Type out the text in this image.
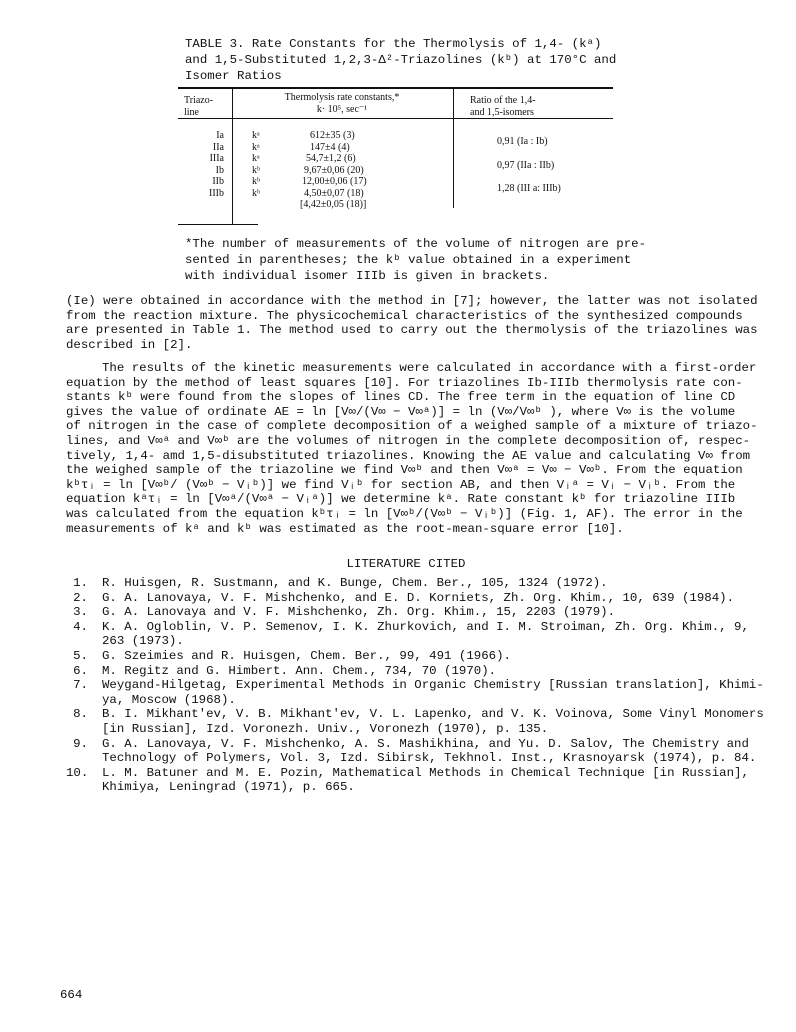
TABLE 3. Rate Constants for the Thermolysis of 1,4- (kᵃ)
and 1,5-Substituted 1,2,3-Δ²-Triazolines (kᵇ) at 170°C and
Isomer Ratios
Triazo-
line
Thermolysis rate constants,*
k· 10⁵, sec⁻¹
Ratio of the 1,4-
and 1,5-isomers
Ia
IIa
IIIa
Ib
IIb
IIIb
kᵃ
kᵃ
kᵃ
kᵇ
kᵇ
kᵇ
612±35 (3)
147±4 (4)
54,7±1,2 (6)
9,67±0,06 (20)
12,00±0,06 (17)
4,50±0,07 (18)
[4,42±0,05 (18)]
0,91 (Ia : Ib)
0,97 (IIa : IIb)
1,28 (III a: IIIb)
*The number of measurements of the volume of nitrogen are pre-
sented in parentheses; the kᵇ value obtained in a experiment
with individual isomer IIIb is given in brackets.
(Ie) were obtained in accordance with the method in [7]; however, the latter was not isolated
from the reaction mixture. The physicochemical characteristics of the synthesized compounds
are presented in Table 1. The method used to carry out the thermolysis of the triazolines was
described in [2].
The results of the kinetic measurements were calculated in accordance with a first-order
equation by the method of least squares [10]. For triazolines Ib-IIIb thermolysis rate con-
stants kᵇ were found from the slopes of lines CD. The free term in the equation of line CD
gives the value of ordinate AE = ln [V∞/(V∞ − V∞ᵃ)] = ln (V∞/V∞ᵇ ), where V∞ is the volume
of nitrogen in the case of complete decomposition of a weighed sample of a mixture of triazo-
lines, and V∞ᵃ and V∞ᵇ are the volumes of nitrogen in the complete decomposition of, respec-
tively, 1,4- amd 1,5-disubstituted triazolines. Knowing the AE value and calculating V∞ from
the weighed sample of the triazoline we find V∞ᵇ and then V∞ᵃ = V∞ − V∞ᵇ. From the equation
kᵇτᵢ = ln [V∞ᵇ/ (V∞ᵇ − Vᵢᵇ)] we find Vᵢᵇ for section AB, and then Vᵢᵃ = Vᵢ − Vᵢᵇ. From the
equation kᵃτᵢ = ln [V∞ᵃ/(V∞ᵃ − Vᵢᵃ)] we determine kᵃ. Rate constant kᵇ for triazoline IIIb
was calculated from the equation kᵇτᵢ = ln [V∞ᵇ/(V∞ᵇ − Vᵢᵇ)] (Fig. 1, AF). The error in the
measurements of kᵃ and kᵇ was estimated as the root-mean-square error [10].
LITERATURE CITED
1. R. Huisgen, R. Sustmann, and K. Bunge, Chem. Ber., 105, 1324 (1972).
2. G. A. Lanovaya, V. F. Mishchenko, and E. D. Korniets, Zh. Org. Khim., 10, 639 (1984).
3. G. A. Lanovaya and V. F. Mishchenko, Zh. Org. Khim., 15, 2203 (1979).
4. K. A. Ogloblin, V. P. Semenov, I. K. Zhurkovich, and I. M. Stroiman, Zh. Org. Khim., 9,
263 (1973).
5. G. Szeimies and R. Huisgen, Chem. Ber., 99, 491 (1966).
6. M. Regitz and G. Himbert. Ann. Chem., 734, 70 (1970).
7. Weygand-Hilgetag, Experimental Methods in Organic Chemistry [Russian translation], Khimi-
ya, Moscow (1968).
8. B. I. Mikhant'ev, V. B. Mikhant'ev, V. L. Lapenko, and V. K. Voinova, Some Vinyl Monomers
[in Russian], Izd. Voronezh. Univ., Voronezh (1970), p. 135.
9. G. A. Lanovaya, V. F. Mishchenko, A. S. Mashikhina, and Yu. D. Salov, The Chemistry and
Technology of Polymers, Vol. 3, Izd. Sibirsk, Tekhnol. Inst., Krasnoyarsk (1974), p. 84.
10. L. M. Batuner and M. E. Pozin, Mathematical Methods in Chemical Technique [in Russian],
Khimiya, Leningrad (1971), p. 665.
664
